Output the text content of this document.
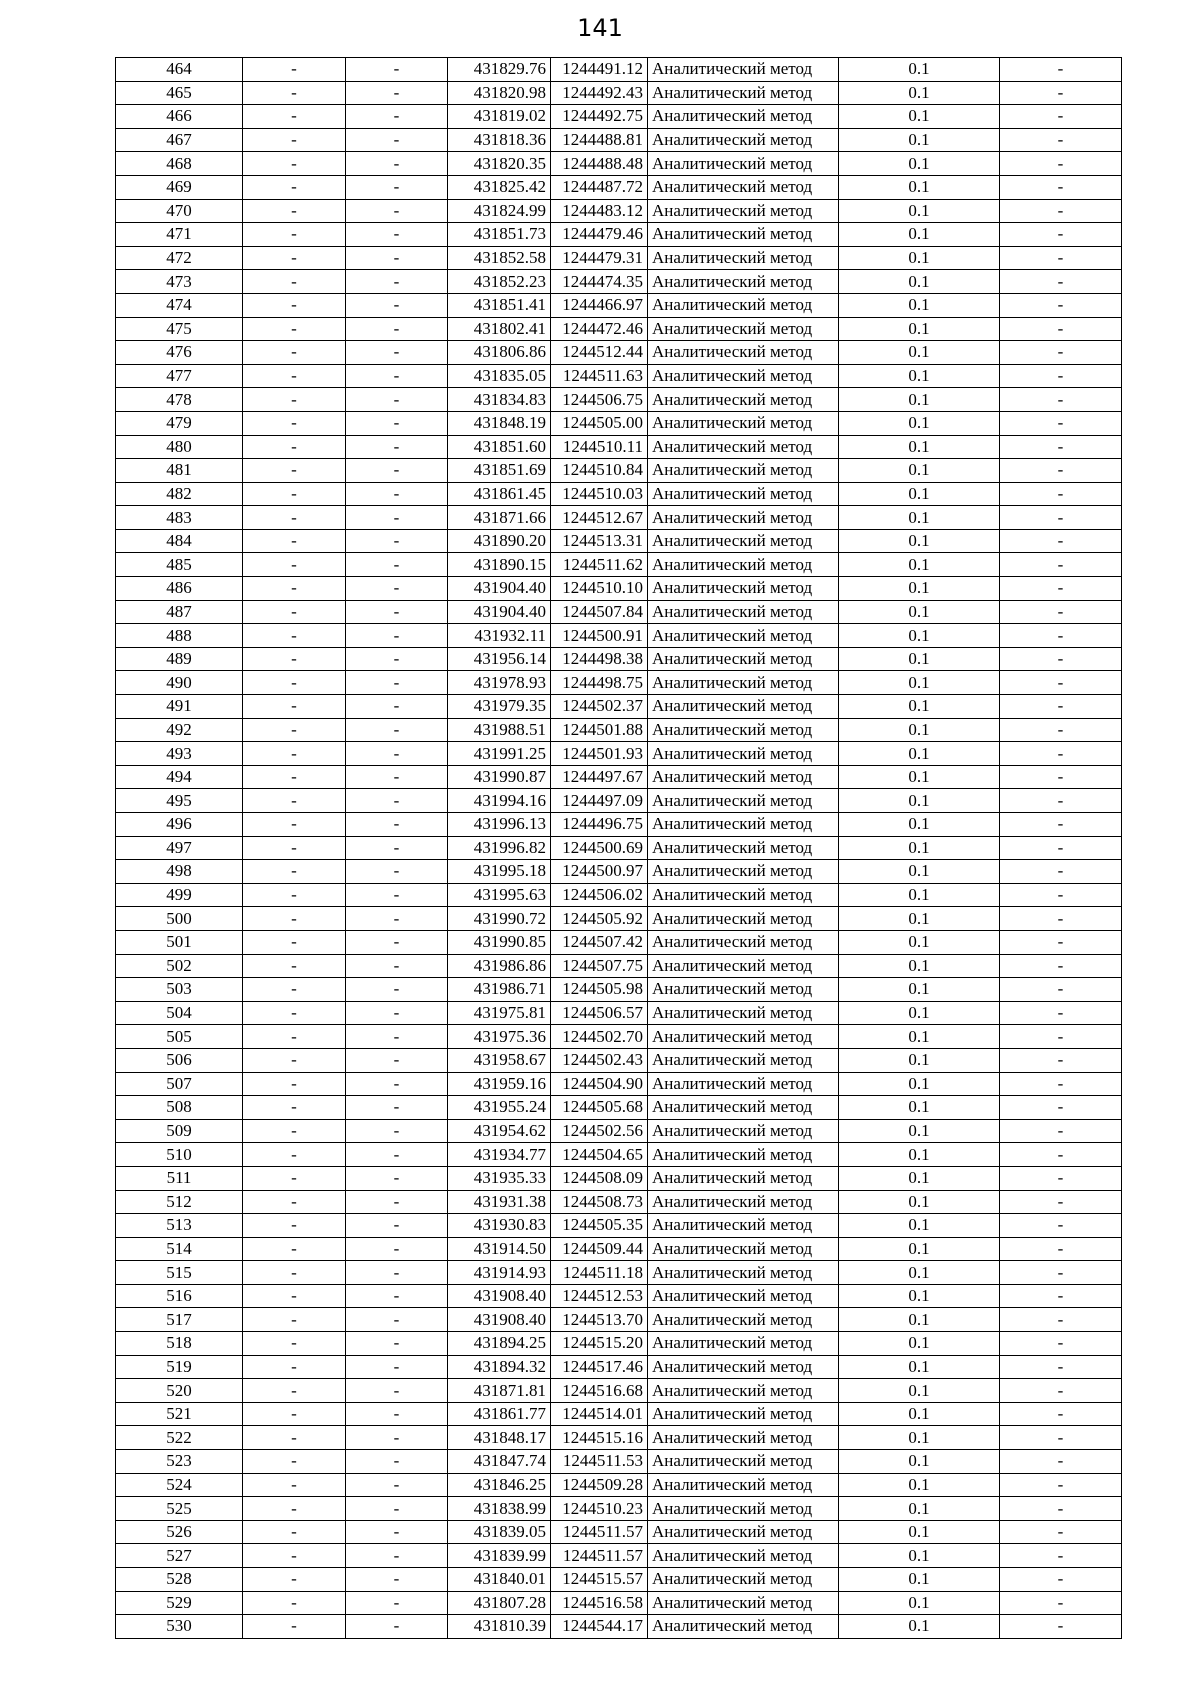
141
464	-	-	431829.76	1244491.12	Аналитический метод	0.1	-
465	-	-	431820.98	1244492.43	Аналитический метод	0.1	-
466	-	-	431819.02	1244492.75	Аналитический метод	0.1	-
467	-	-	431818.36	1244488.81	Аналитический метод	0.1	-
468	-	-	431820.35	1244488.48	Аналитический метод	0.1	-
469	-	-	431825.42	1244487.72	Аналитический метод	0.1	-
470	-	-	431824.99	1244483.12	Аналитический метод	0.1	-
471	-	-	431851.73	1244479.46	Аналитический метод	0.1	-
472	-	-	431852.58	1244479.31	Аналитический метод	0.1	-
473	-	-	431852.23	1244474.35	Аналитический метод	0.1	-
474	-	-	431851.41	1244466.97	Аналитический метод	0.1	-
475	-	-	431802.41	1244472.46	Аналитический метод	0.1	-
476	-	-	431806.86	1244512.44	Аналитический метод	0.1	-
477	-	-	431835.05	1244511.63	Аналитический метод	0.1	-
478	-	-	431834.83	1244506.75	Аналитический метод	0.1	-
479	-	-	431848.19	1244505.00	Аналитический метод	0.1	-
480	-	-	431851.60	1244510.11	Аналитический метод	0.1	-
481	-	-	431851.69	1244510.84	Аналитический метод	0.1	-
482	-	-	431861.45	1244510.03	Аналитический метод	0.1	-
483	-	-	431871.66	1244512.67	Аналитический метод	0.1	-
484	-	-	431890.20	1244513.31	Аналитический метод	0.1	-
485	-	-	431890.15	1244511.62	Аналитический метод	0.1	-
486	-	-	431904.40	1244510.10	Аналитический метод	0.1	-
487	-	-	431904.40	1244507.84	Аналитический метод	0.1	-
488	-	-	431932.11	1244500.91	Аналитический метод	0.1	-
489	-	-	431956.14	1244498.38	Аналитический метод	0.1	-
490	-	-	431978.93	1244498.75	Аналитический метод	0.1	-
491	-	-	431979.35	1244502.37	Аналитический метод	0.1	-
492	-	-	431988.51	1244501.88	Аналитический метод	0.1	-
493	-	-	431991.25	1244501.93	Аналитический метод	0.1	-
494	-	-	431990.87	1244497.67	Аналитический метод	0.1	-
495	-	-	431994.16	1244497.09	Аналитический метод	0.1	-
496	-	-	431996.13	1244496.75	Аналитический метод	0.1	-
497	-	-	431996.82	1244500.69	Аналитический метод	0.1	-
498	-	-	431995.18	1244500.97	Аналитический метод	0.1	-
499	-	-	431995.63	1244506.02	Аналитический метод	0.1	-
500	-	-	431990.72	1244505.92	Аналитический метод	0.1	-
501	-	-	431990.85	1244507.42	Аналитический метод	0.1	-
502	-	-	431986.86	1244507.75	Аналитический метод	0.1	-
503	-	-	431986.71	1244505.98	Аналитический метод	0.1	-
504	-	-	431975.81	1244506.57	Аналитический метод	0.1	-
505	-	-	431975.36	1244502.70	Аналитический метод	0.1	-
506	-	-	431958.67	1244502.43	Аналитический метод	0.1	-
507	-	-	431959.16	1244504.90	Аналитический метод	0.1	-
508	-	-	431955.24	1244505.68	Аналитический метод	0.1	-
509	-	-	431954.62	1244502.56	Аналитический метод	0.1	-
510	-	-	431934.77	1244504.65	Аналитический метод	0.1	-
511	-	-	431935.33	1244508.09	Аналитический метод	0.1	-
512	-	-	431931.38	1244508.73	Аналитический метод	0.1	-
513	-	-	431930.83	1244505.35	Аналитический метод	0.1	-
514	-	-	431914.50	1244509.44	Аналитический метод	0.1	-
515	-	-	431914.93	1244511.18	Аналитический метод	0.1	-
516	-	-	431908.40	1244512.53	Аналитический метод	0.1	-
517	-	-	431908.40	1244513.70	Аналитический метод	0.1	-
518	-	-	431894.25	1244515.20	Аналитический метод	0.1	-
519	-	-	431894.32	1244517.46	Аналитический метод	0.1	-
520	-	-	431871.81	1244516.68	Аналитический метод	0.1	-
521	-	-	431861.77	1244514.01	Аналитический метод	0.1	-
522	-	-	431848.17	1244515.16	Аналитический метод	0.1	-
523	-	-	431847.74	1244511.53	Аналитический метод	0.1	-
524	-	-	431846.25	1244509.28	Аналитический метод	0.1	-
525	-	-	431838.99	1244510.23	Аналитический метод	0.1	-
526	-	-	431839.05	1244511.57	Аналитический метод	0.1	-
527	-	-	431839.99	1244511.57	Аналитический метод	0.1	-
528	-	-	431840.01	1244515.57	Аналитический метод	0.1	-
529	-	-	431807.28	1244516.58	Аналитический метод	0.1	-
530	-	-	431810.39	1244544.17	Аналитический метод	0.1	-
